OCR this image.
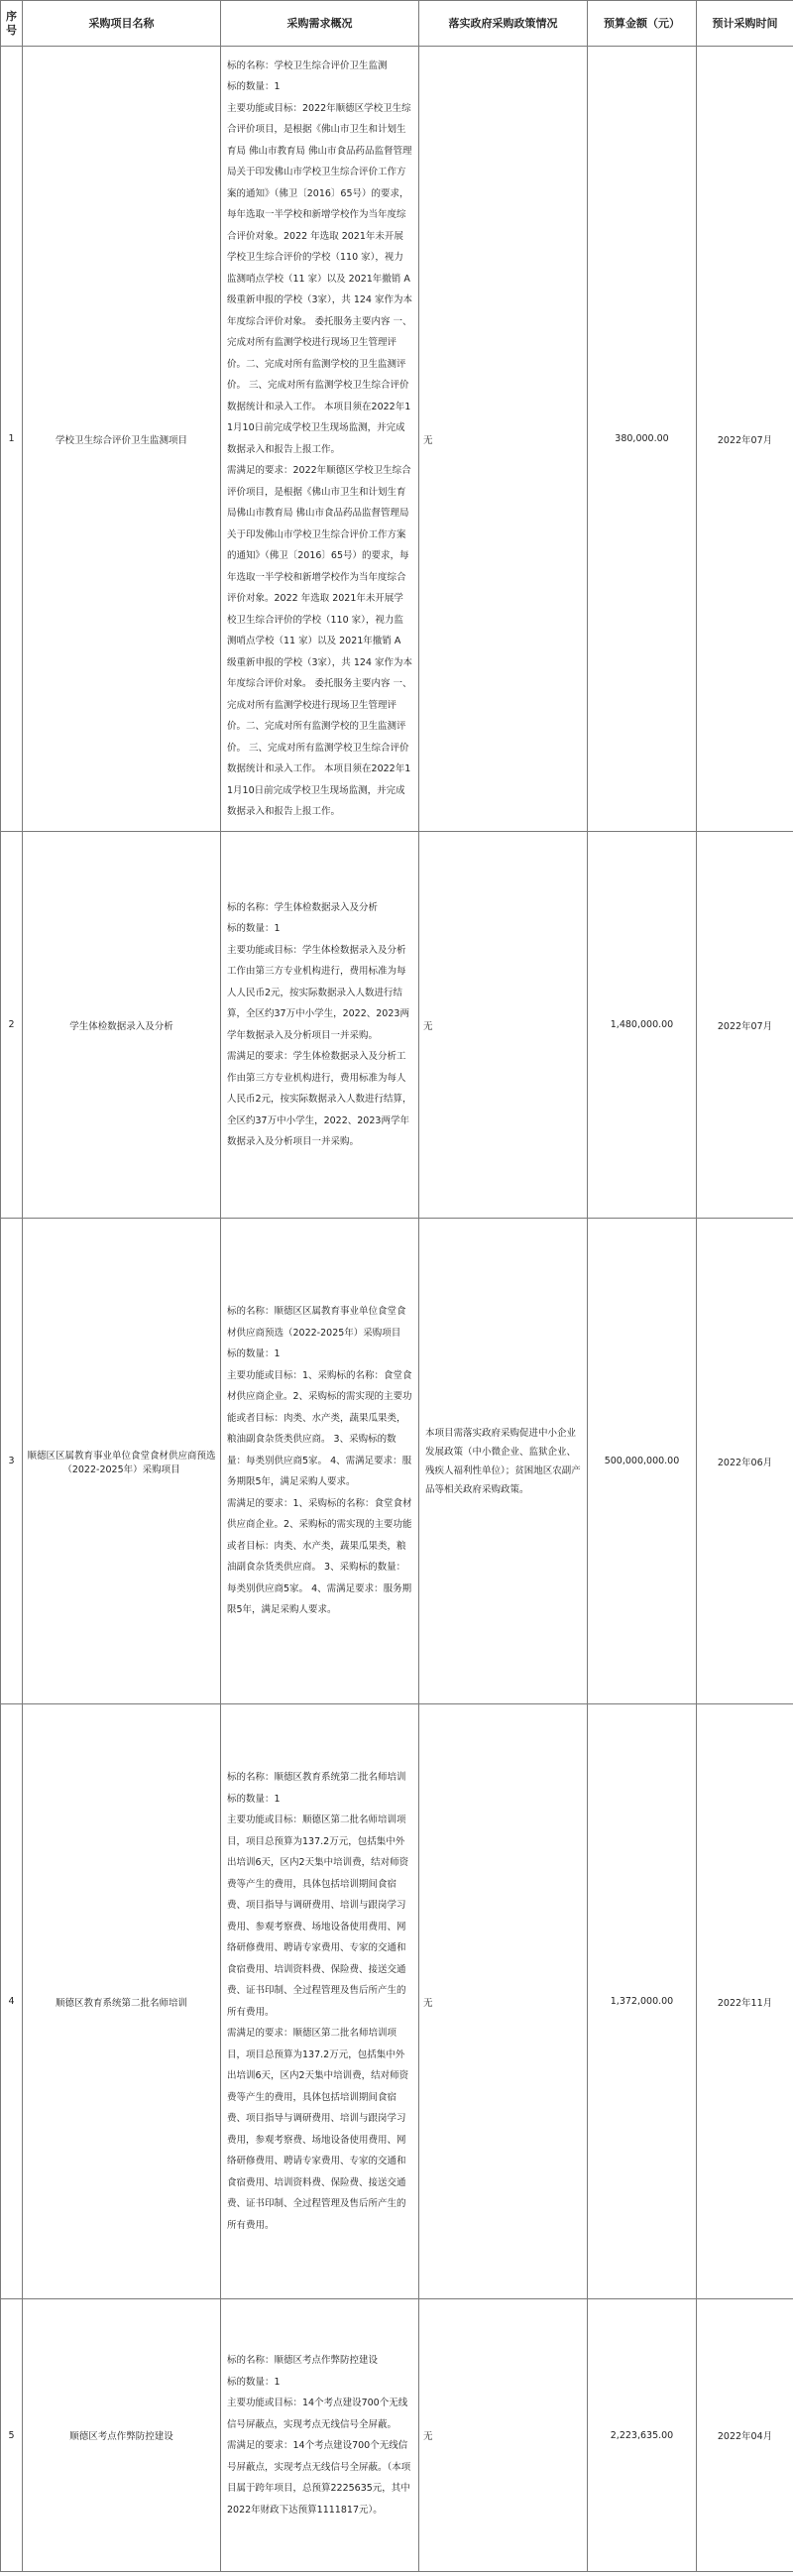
序号	采购项目名称	采购需求概况	落实政府采购政策情况	预算金额（元）	预计采购时间
1	学校卫生综合评价卫生监测项目	标的名称：学校卫生综合评价卫生监测
标的数量：1
主要功能或目标：2022年顺德区学校卫生综合评价项目，是根据《佛山市卫生和计划生育局 佛山市教育局 佛山市食品药品监督管理局关于印发佛山市学校卫生综合评价工作方案的通知》（佛卫〔2016〕65号）的要求，每年选取一半学校和新增学校作为当年度综合评价对象。2022 年选取 2021年未开展学校卫生综合评价的学校（110 家），视力监测哨点学校（11 家）以及 2021年撤销 A 级重新申报的学校（3家），共 124 家作为本年度综合评价对象。 委托服务主要内容 一、完成对所有监测学校进行现场卫生管理评价。二、完成对所有监测学校的卫生监测评价。 三、完成对所有监测学校卫生综合评价数据统计和录入工作。 本项目须在2022年11月10日前完成学校卫生现场监测，并完成数据录入和报告上报工作。
需满足的要求：2022年顺德区学校卫生综合评价项目，是根据《佛山市卫生和计划生育局佛山市教育局 佛山市食品药品监督管理局关于印发佛山市学校卫生综合评价工作方案的通知》（佛卫〔2016〕65号）的要求，每年选取一半学校和新增学校作为当年度综合评价对象。2022 年选取 2021年未开展学校卫生综合评价的学校（110 家），视力监测哨点学校（11 家）以及 2021年撤销 A 级重新申报的学校（3家），共 124 家作为本年度综合评价对象。 委托服务主要内容 一、完成对所有监测学校进行现场卫生管理评价。二、完成对所有监测学校的卫生监测评价。 三、完成对所有监测学校卫生综合评价数据统计和录入工作。 本项目须在2022年11月10日前完成学校卫生现场监测，并完成数据录入和报告上报工作。	无	380,000.00	2022年07月
2	学生体检数据录入及分析	标的名称：学生体检数据录入及分析
标的数量：1
主要功能或目标：学生体检数据录入及分析工作由第三方专业机构进行，费用标准为每人人民币2元，按实际数据录入人数进行结算，全区约37万中小学生，2022、2023两学年数据录入及分析项目一并采购。
需满足的要求：学生体检数据录入及分析工作由第三方专业机构进行，费用标准为每人人民币2元，按实际数据录入人数进行结算，全区约37万中小学生，2022、2023两学年数据录入及分析项目一并采购。	无	1,480,000.00	2022年07月
3	顺德区区属教育事业单位食堂食材供应商预选（2022-2025年）采购项目	标的名称：顺德区区属教育事业单位食堂食材供应商预选（2022-2025年）采购项目
标的数量：1
主要功能或目标：1、采购标的名称：食堂食材供应商企业。2、采购标的需实现的主要功能或者目标：肉类、水产类，蔬果瓜果类，粮油副食杂货类供应商。 3、采购标的数量：每类别供应商5家。 4、需满足要求：服务期限5年，满足采购人要求。
需满足的要求：1、采购标的名称：食堂食材供应商企业。2、采购标的需实现的主要功能或者目标：肉类、水产类，蔬果瓜果类，粮油副食杂货类供应商。 3、采购标的数量：每类别供应商5家。 4、需满足要求：服务期限5年，满足采购人要求。	本项目需落实政府采购促进中小企业发展政策（中小微企业、监狱企业、残疾人福利性单位）；贫困地区农副产品等相关政府采购政策。	500,000,000.00	2022年06月
4	顺德区教育系统第二批名师培训	标的名称：顺德区教育系统第二批名师培训
标的数量：1
主要功能或目标：顺德区第二批名师培训项目，项目总预算为137.2万元，包括集中外出培训6天，区内2天集中培训费，结对师资费等产生的费用，具体包括培训期间食宿费、项目指导与调研费用、培训与跟岗学习费用、参观考察费、场地设备使用费用、网络研修费用、聘请专家费用、专家的交通和食宿费用、培训资料费、保险费、接送交通费、证书印制、全过程管理及售后所产生的所有费用。
需满足的要求：顺德区第二批名师培训项目，项目总预算为137.2万元，包括集中外出培训6天，区内2天集中培训费，结对师资费等产生的费用，具体包括培训期间食宿费、项目指导与调研费用、培训与跟岗学习费用，参观考察费、场地设备使用费用、网络研修费用、聘请专家费用、专家的交通和食宿费用、培训资料费、保险费、接送交通费、证书印制、全过程管理及售后所产生的所有费用。	无	1,372,000.00	2022年11月
5	顺德区考点作弊防控建设	标的名称：顺德区考点作弊防控建设
标的数量：1
主要功能或目标：14个考点建设700个无线信号屏蔽点，实现考点无线信号全屏蔽。
需满足的要求：14个考点建设700个无线信号屏蔽点，实现考点无线信号全屏蔽。（本项目属于跨年项目，总预算2225635元，其中2022年财政下达预算1111817元）。	无	2,223,635.00	2022年04月
